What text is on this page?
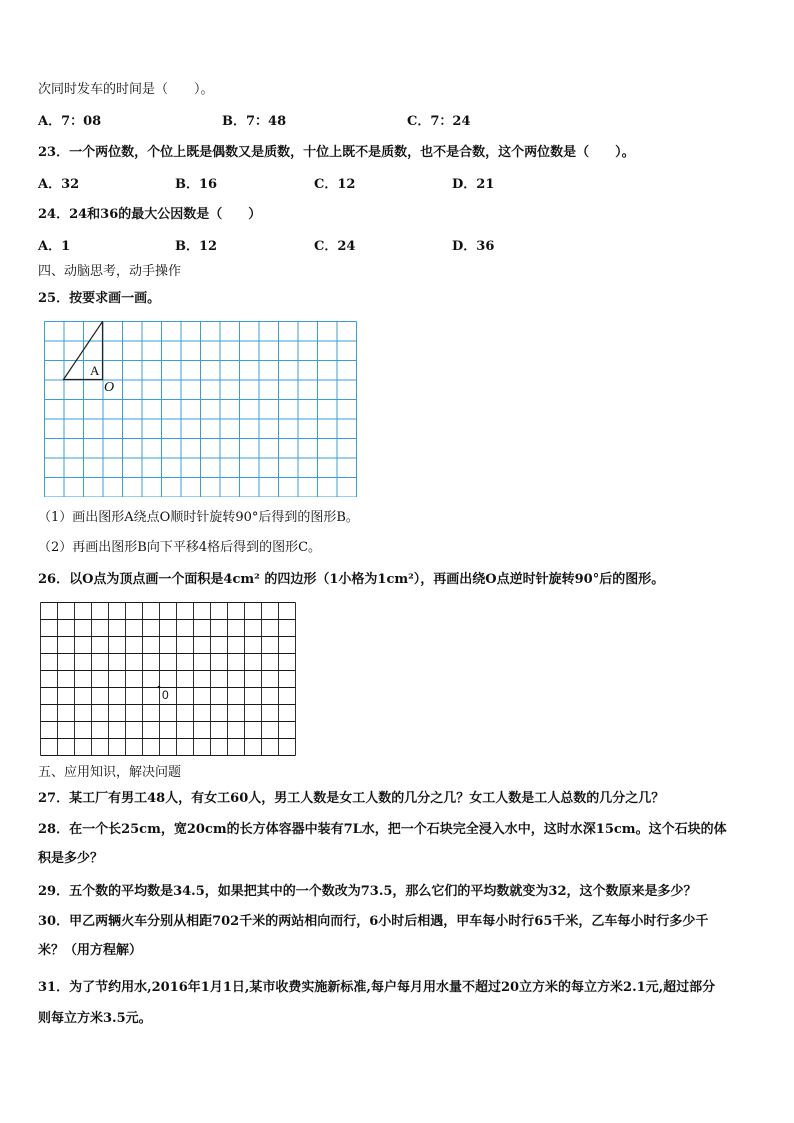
次同时发车的时间是（　　）。
A．7：08	B．7：48	C．7：24
23．一个两位数，个位上既是偶数又是质数，十位上既不是质数，也不是合数，这个两位数是（　　）。
A．32	B．16	C．12	D．21
24．24和36的最大公因数是（　　）
A．1	B．12	C．24	D．36
四、动脑思考，动手操作
25．按要求画一画。
A
O
（1）画出图形A绕点O顺时针旋转90°后得到的图形B。
（2）再画出图形B向下平移4格后得到的图形C。
26．以O点为顶点画一个面积是4cm² 的四边形（1小格为1cm²），再画出绕O点逆时针旋转90°后的图形。
0
五、应用知识，解决问题
27．某工厂有男工48人，有女工60人，男工人数是女工人数的几分之几？女工人数是工人总数的几分之几？
28．在一个长25cm，宽20cm的长方体容器中装有7L水，把一个石块完全浸入水中，这时水深15cm。这个石块的体
积是多少？
29．五个数的平均数是34.5，如果把其中的一个数改为73.5，那么它们的平均数就变为32，这个数原来是多少？
30．甲乙两辆火车分别从相距702千米的两站相向而行，6小时后相遇，甲车每小时行65千米，乙车每小时行多少千
米？（用方程解）
31．为了节约用水,2016年1月1日,某市收费实施新标准,每户每月用水量不超过20立方米的每立方米2.1元,超过部分
则每立方米3.5元。
